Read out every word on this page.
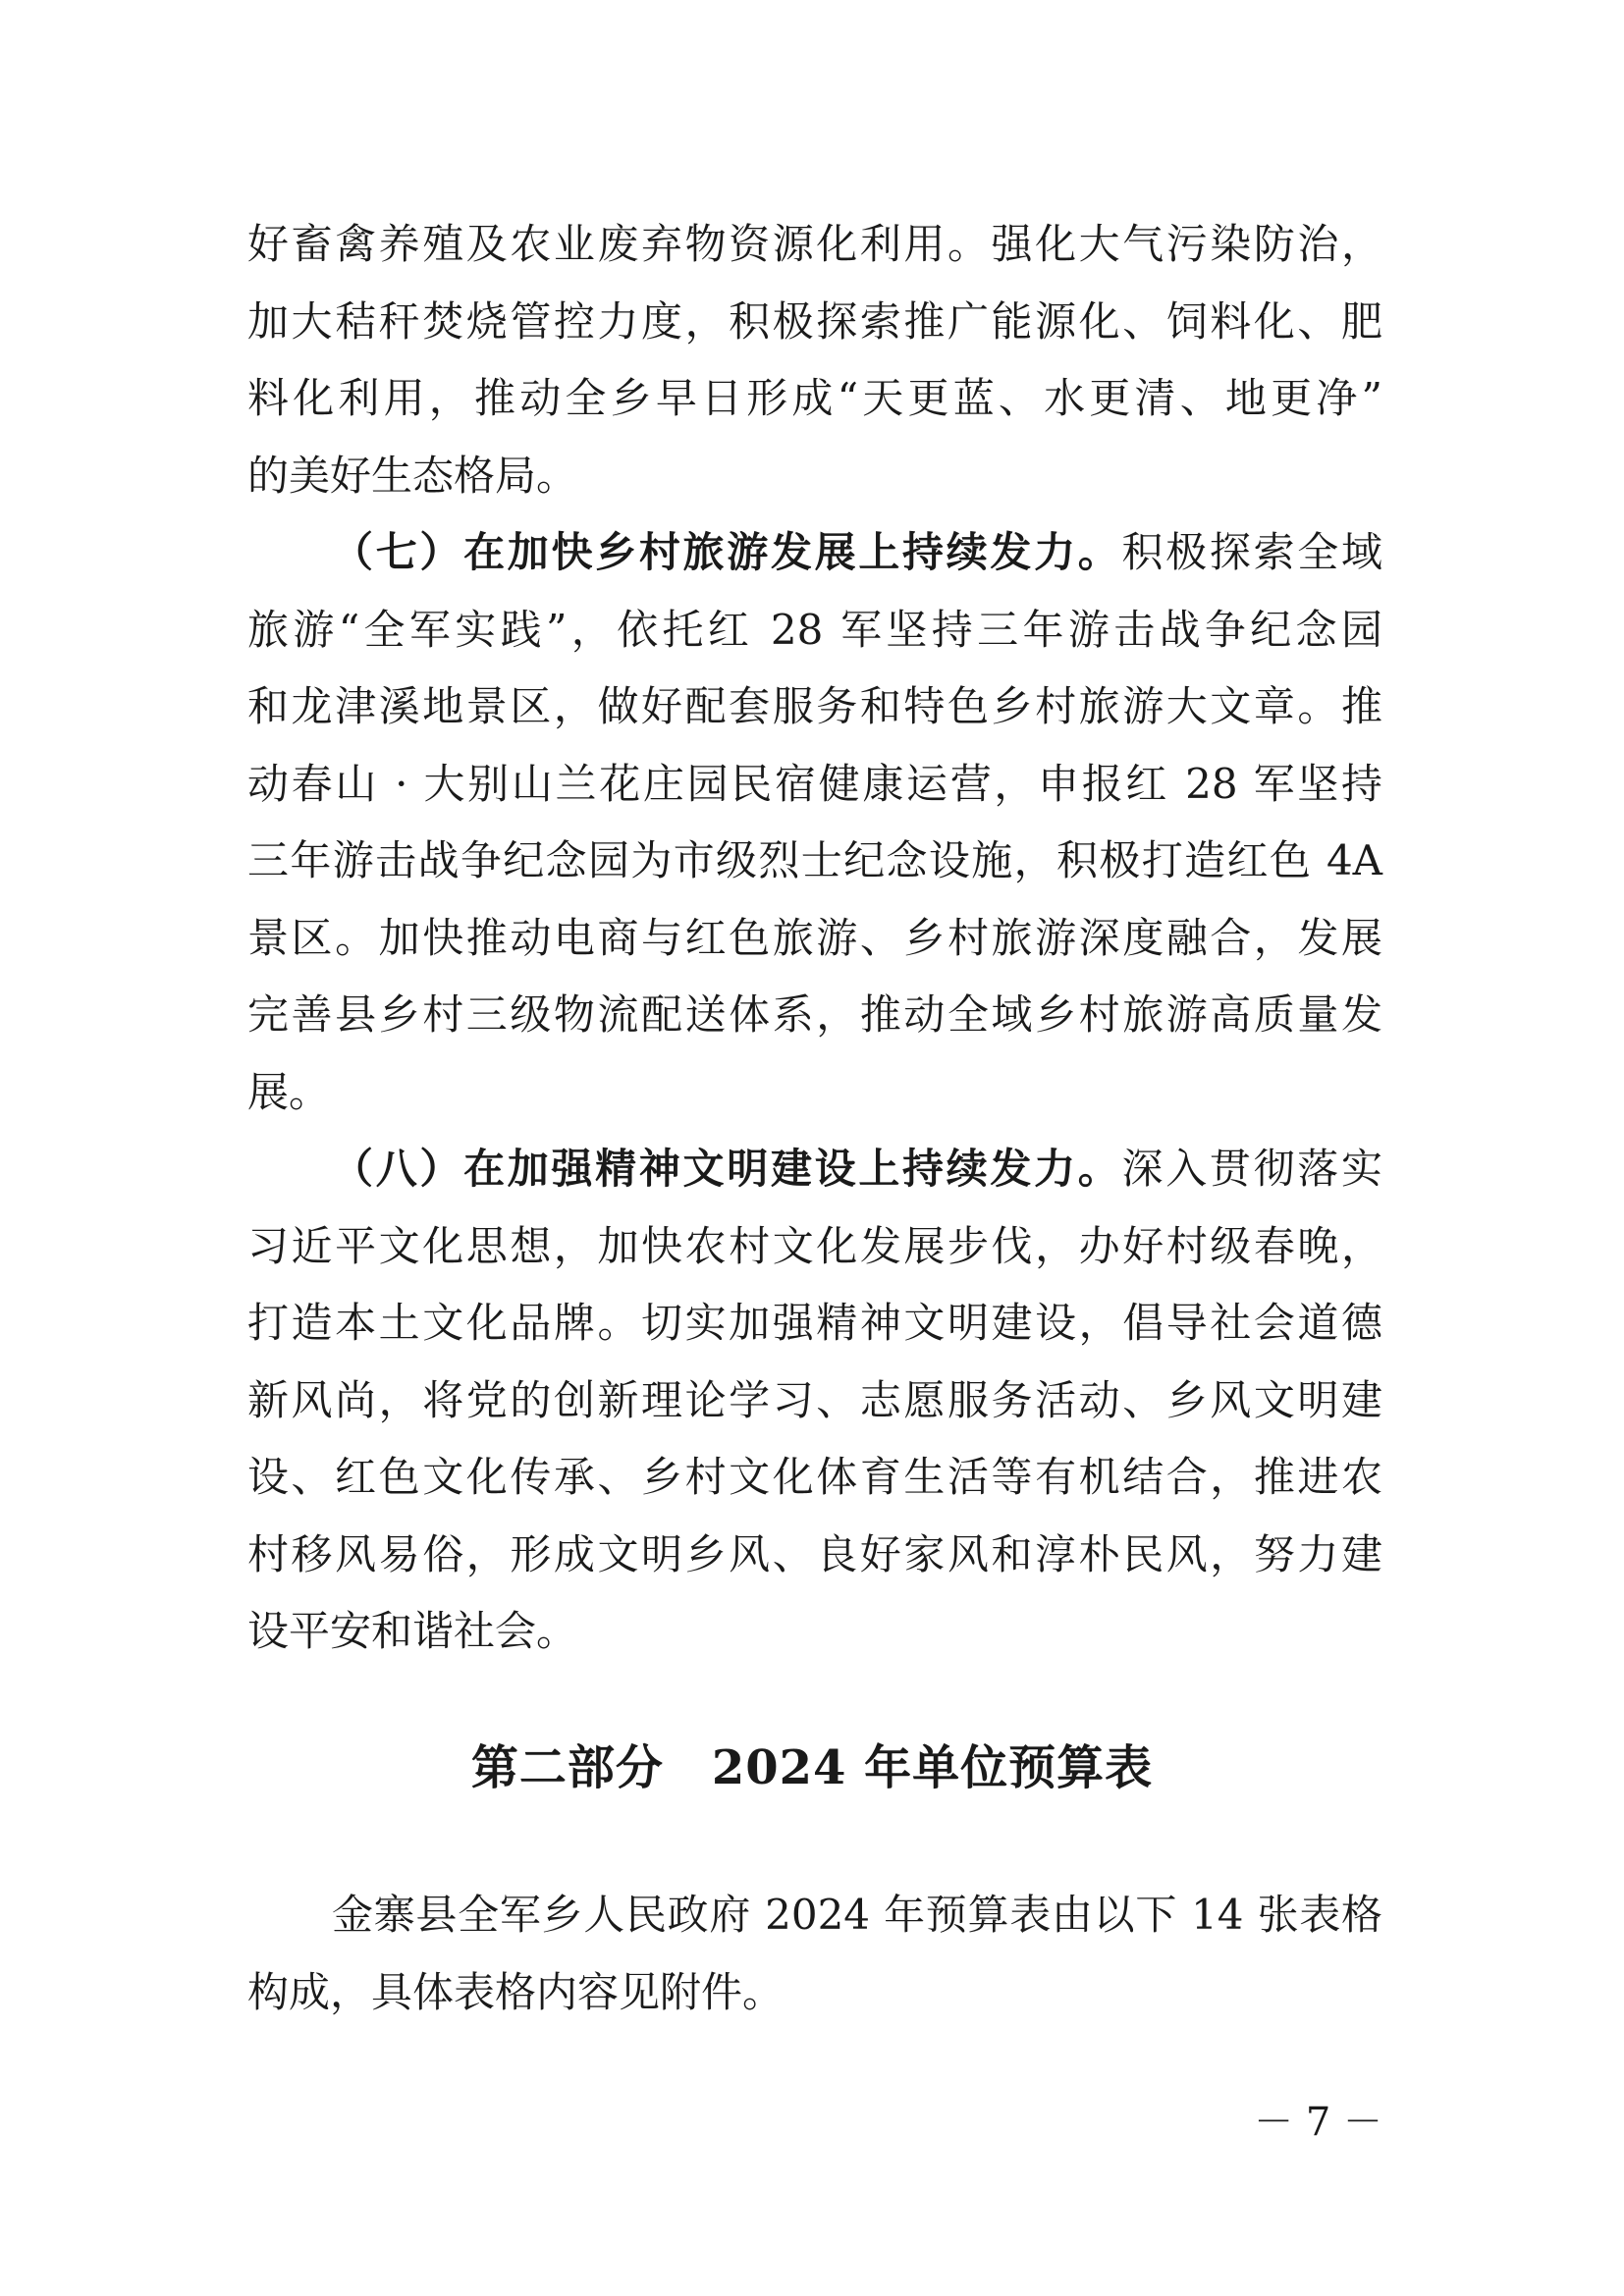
好畜禽养殖及农业废弃物资源化利用。强化大气污染防治，
加大秸秆焚烧管控力度，积极探索推广能源化、饲料化、肥
料化利用，推动全乡早日形成“天更蓝、水更清、地更净”
的美好生态格局。
（七）在加快乡村旅游发展上持续发力。积极探索全域
旅游“全军实践”，依托红 28 军坚持三年游击战争纪念园
和龙津溪地景区，做好配套服务和特色乡村旅游大文章。推
动春山 · 大别山兰花庄园民宿健康运营，申报红 28 军坚持
三年游击战争纪念园为市级烈士纪念设施，积极打造红色 4A
景区。加快推动电商与红色旅游、乡村旅游深度融合，发展
完善县乡村三级物流配送体系，推动全域乡村旅游高质量发
展。
（八）在加强精神文明建设上持续发力。深入贯彻落实
习近平文化思想，加快农村文化发展步伐，办好村级春晚，
打造本土文化品牌。切实加强精神文明建设，倡导社会道德
新风尚，将党的创新理论学习、志愿服务活动、乡风文明建
设、红色文化传承、乡村文化体育生活等有机结合，推进农
村移风易俗，形成文明乡风、良好家风和淳朴民风，努力建
设平安和谐社会。
第二部分　2024 年单位预算表
金寨县全军乡人民政府 2024 年预算表由以下 14 张表格
构成，具体表格内容见附件。
－ 7 －
